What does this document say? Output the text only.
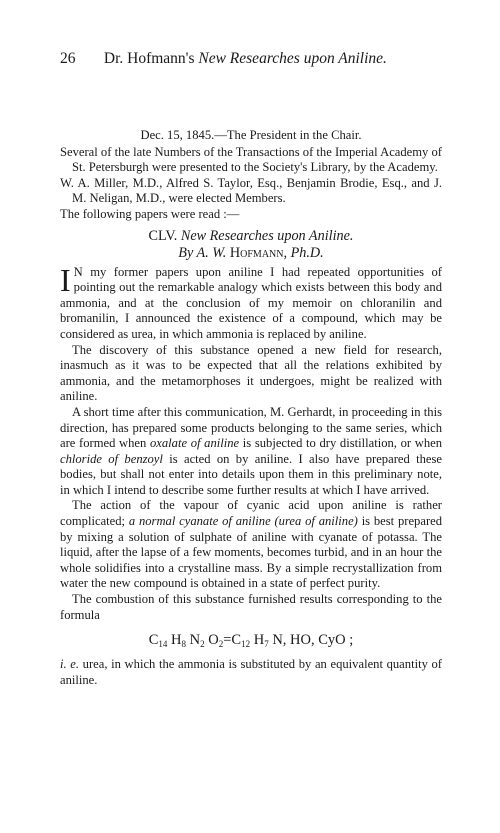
26 Dr. Hofmann's New Researches upon Aniline.

Dec. 15, 1845.—The President in the Chair.

Several of the late Numbers of the Transactions of the Imperial Academy of St. Petersburgh were presented to the Society's Library, by the Academy.

W. A. Miller, M.D., Alfred S. Taylor, Esq., Benjamin Brodie, Esq., and J. M. Neligan, M.D., were elected Members.

The following papers were read :—

CLV. New Researches upon Aniline.

By A. W. Hofmann, Ph.D.

I N my former papers upon aniline I had repeated opportunities of pointing out the remarkable analogy which exists between this body and ammonia, and at the conclusion of my memoir on chloranilin and bromanilin, I announced the existence of a compound, which may be considered as urea, in which ammonia is replaced by aniline.

The discovery of this substance opened a new field for research, inasmuch as it was to be expected that all the relations exhibited by ammonia, and the metamorphoses it undergoes, might be realized with aniline.

A short time after this communication, M. Gerhardt, in proceeding in this direction, has prepared some products belonging to the same series, which are formed when oxalate of aniline is subjected to dry distillation, or when chloride of benzoyl is acted on by aniline. I also have prepared these bodies, but shall not enter into details upon them in this preliminary note, in which I intend to describe some further results at which I have arrived.

The action of the vapour of cyanic acid upon aniline is rather complicated; a normal cyanate of aniline (urea of aniline) is best prepared by mixing a solution of sulphate of aniline with cyanate of potassa. The liquid, after the lapse of a few moments, becomes turbid, and in an hour the whole solidifies into a crystalline mass. By a simple recrystallization from water the new compound is obtained in a state of perfect purity.

The combustion of this substance furnished results corresponding to the formula

$C_{14}$ $H_8$ $N_2$ $O_2=C_{12}$ $H_7$ N, HO, CyO ;

i. e. urea, in which the ammonia is substituted by an equivalent quantity of aniline.
